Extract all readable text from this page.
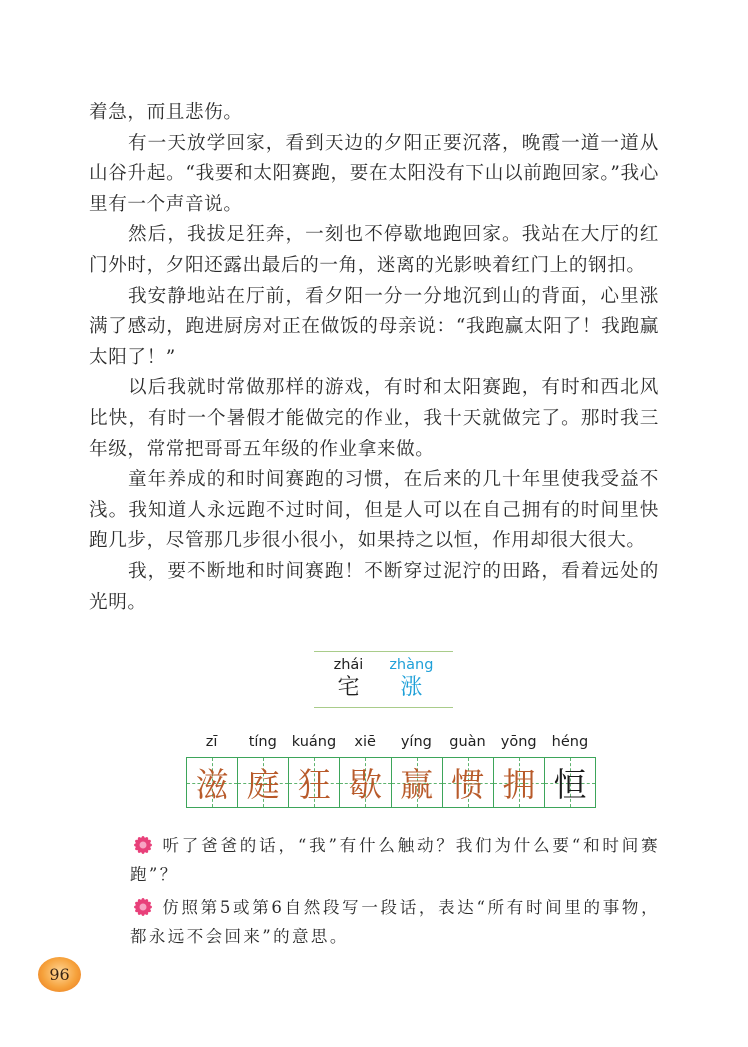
着急，而且悲伤。

有一天放学回家，看到天边的夕阳正要沉落，晚霞一道一道从山谷升起。“我要和太阳赛跑，要在太阳没有下山以前跑回家。”我心里有一个声音说。

然后，我拔足狂奔，一刻也不停歇地跑回家。我站在大厅的红门外时，夕阳还露出最后的一角，迷离的光影映着红门上的钢扣。

我安静地站在厅前，看夕阳一分一分地沉到山的背面，心里涨满了感动，跑进厨房对正在做饭的母亲说：“我跑赢太阳了！我跑赢太阳了！”

以后我就时常做那样的游戏，有时和太阳赛跑，有时和西北风比快，有时一个暑假才能做完的作业，我十天就做完了。那时我三年级，常常把哥哥五年级的作业拿来做。

童年养成的和时间赛跑的习惯，在后来的几十年里使我受益不浅。我知道人永远跑不过时间，但是人可以在自己拥有的时间里快跑几步，尽管那几步很小很小，如果持之以恒，作用却很大很大。

我，要不断地和时间赛跑！不断穿过泥泞的田路，看着远处的光明。

zhái
宅
zhàng
涨
zī	tíng	kuáng	xiē	yíng	guàn	yōng	héng
滋 庭 狂 歇 赢 惯 拥 恒

听了爸爸的话，“我”有什么触动？我们为什么要“和时间赛跑”？

仿照第5或第6自然段写一段话，表达“所有时间里的事物，都永远不会回来”的意思。

96
